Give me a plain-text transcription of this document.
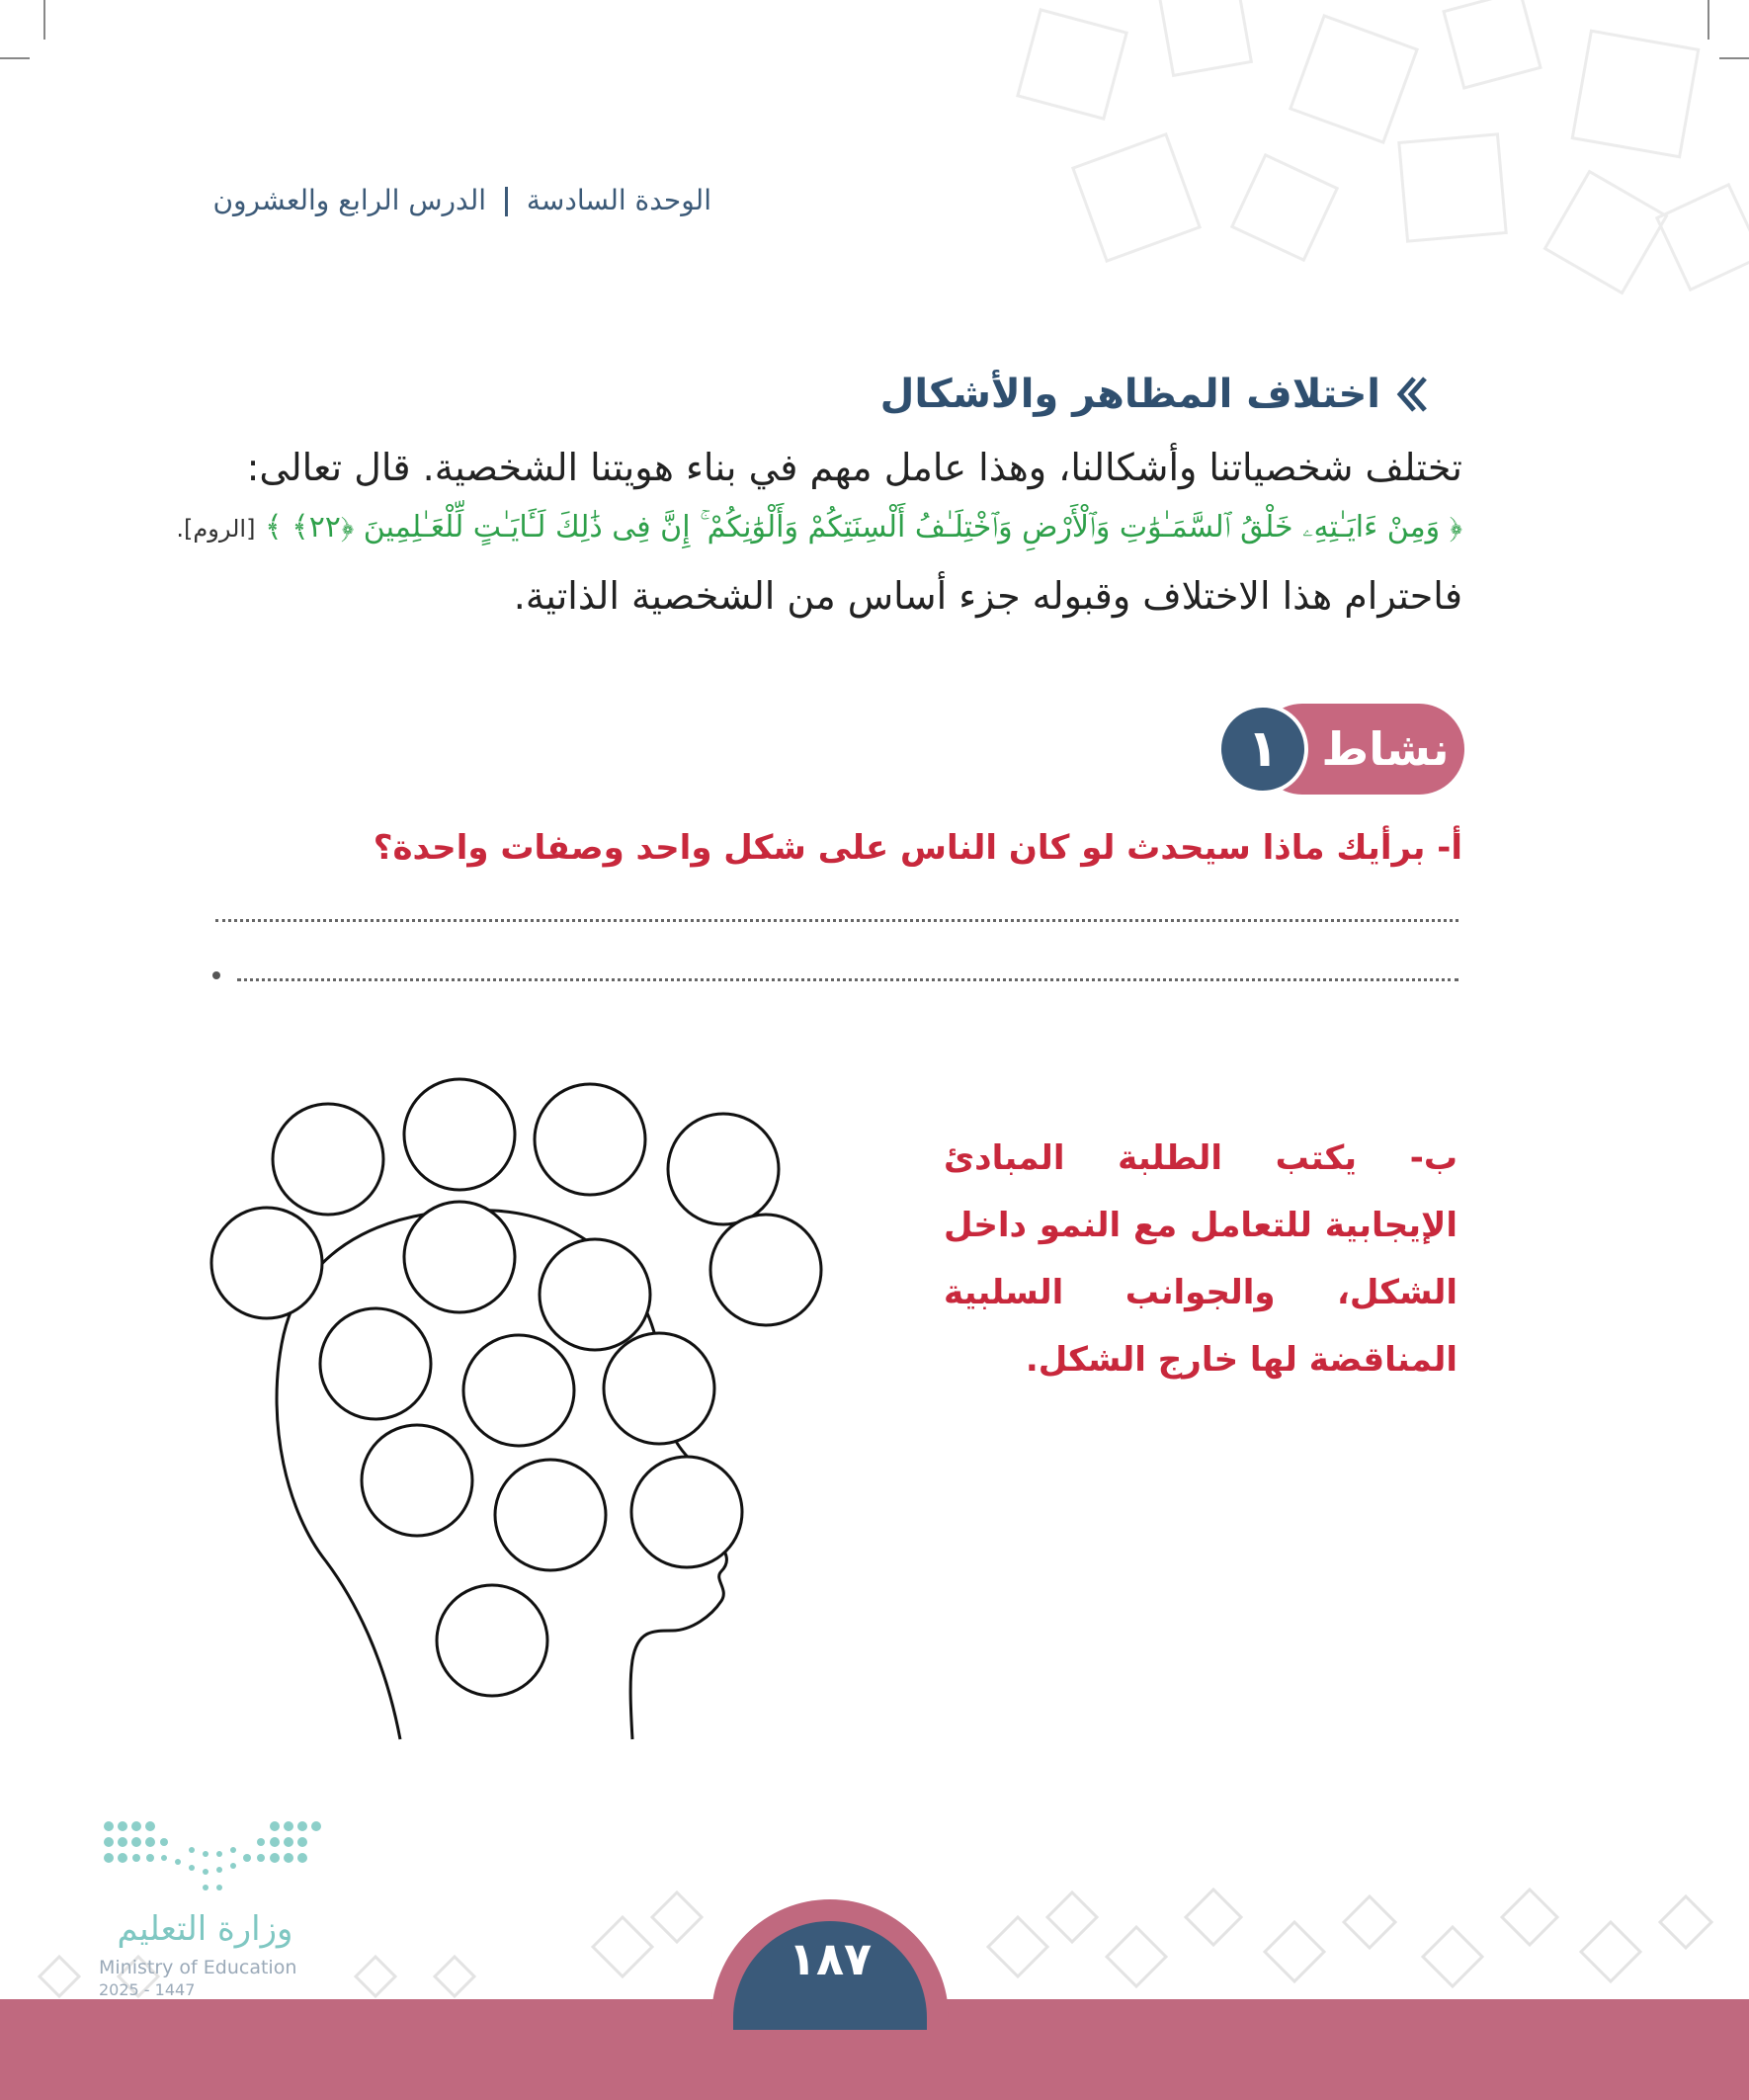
الوحدة السادسة  الدرس الرابع والعشرون
اختلاف المظاهر والأشكال
تختلف شخصياتنا وأشكالنا، وهذا عامل مهم في بناء هويتنا الشخصية. قال تعالى:
﴿ وَمِنْ ءَايَـٰتِهِۦ خَلْقُ ٱلسَّمَـٰوَٰتِ وَٱلْأَرْضِ وَٱخْتِلَـٰفُ أَلْسِنَتِكُمْ وَأَلْوَٰنِكُمْ ۚ إِنَّ فِى ذَٰلِكَ لَـَٔايَـٰتٍ لِّلْعَـٰلِمِينَ ﴿٢٢﴾ ﴾ [الروم].
فاحترام هذا الاختلاف وقبوله جزء أساس من الشخصية الذاتية.
١ نشاط
أ- برأيك ماذا سيحدث لو كان الناس على شكل واحد وصفات واحدة؟
ب- يكتب الطلبة المبادئ الإيجابية للتعامل مع النمو داخل الشكل، والجوانب السلبية المناقضة لها خارج الشكل.
١٨٧
وزارة التعليم
Ministry of Education
2025 - 1447
